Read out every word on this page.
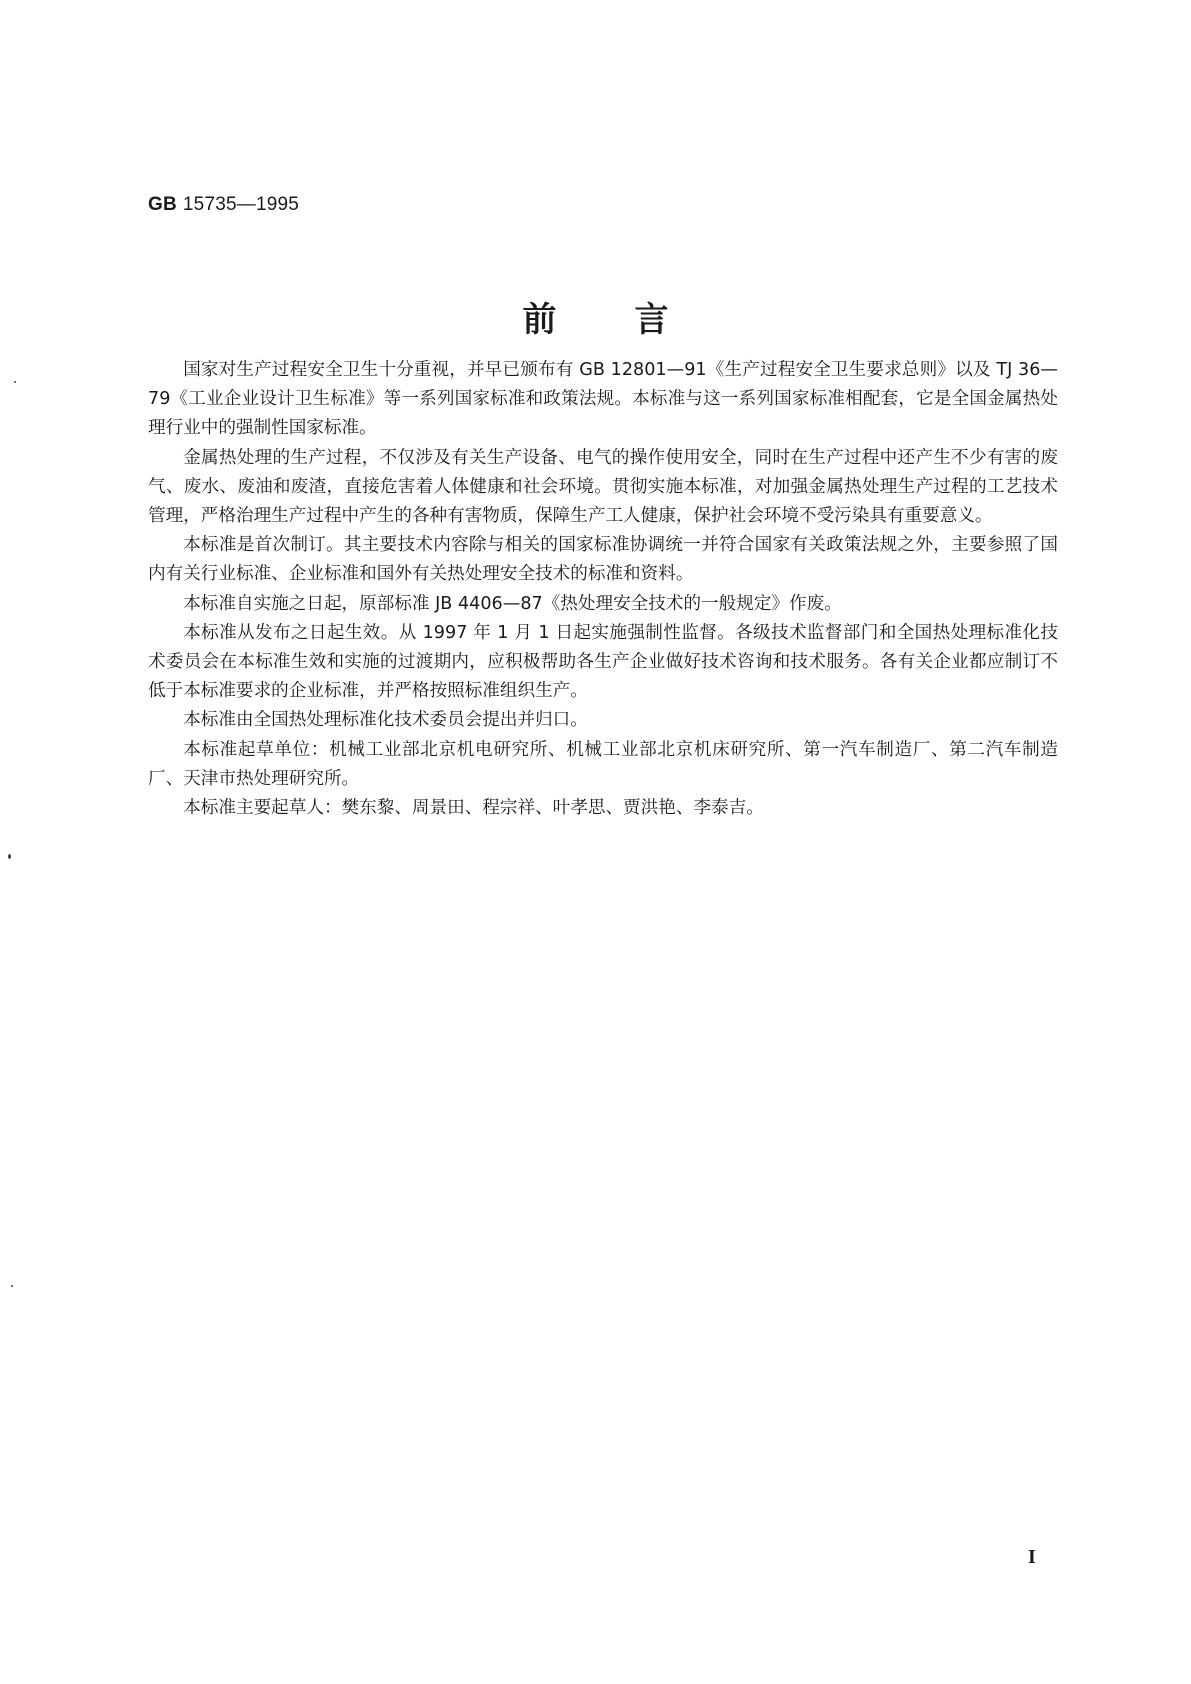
GB 15735—1995
前 言

国家对生产过程安全卫生十分重视，并早已颁布有 GB 12801—91《生产过程安全卫生要求总则》以及 TJ 36—79《工业企业设计卫生标准》等一系列国家标准和政策法规。本标准与这一系列国家标准相配套，它是全国金属热处理行业中的强制性国家标准。

金属热处理的生产过程，不仅涉及有关生产设备、电气的操作使用安全，同时在生产过程中还产生不少有害的废气、废水、废油和废渣，直接危害着人体健康和社会环境。贯彻实施本标准，对加强金属热处理生产过程的工艺技术管理，严格治理生产过程中产生的各种有害物质，保障生产工人健康，保护社会环境不受污染具有重要意义。

本标准是首次制订。其主要技术内容除与相关的国家标准协调统一并符合国家有关政策法规之外，主要参照了国内有关行业标准、企业标准和国外有关热处理安全技术的标准和资料。

本标准自实施之日起，原部标准 JB 4406—87《热处理安全技术的一般规定》作废。

本标准从发布之日起生效。从 1997 年 1 月 1 日起实施强制性监督。各级技术监督部门和全国热处理标准化技术委员会在本标准生效和实施的过渡期内，应积极帮助各生产企业做好技术咨询和技术服务。各有关企业都应制订不低于本标准要求的企业标准，并严格按照标准组织生产。

本标准由全国热处理标准化技术委员会提出并归口。

本标准起草单位：机械工业部北京机电研究所、机械工业部北京机床研究所、第一汽车制造厂、第二汽车制造厂、天津市热处理研究所。

本标准主要起草人：樊东黎、周景田、程宗祥、叶孝思、贾洪艳、李泰吉。

I
